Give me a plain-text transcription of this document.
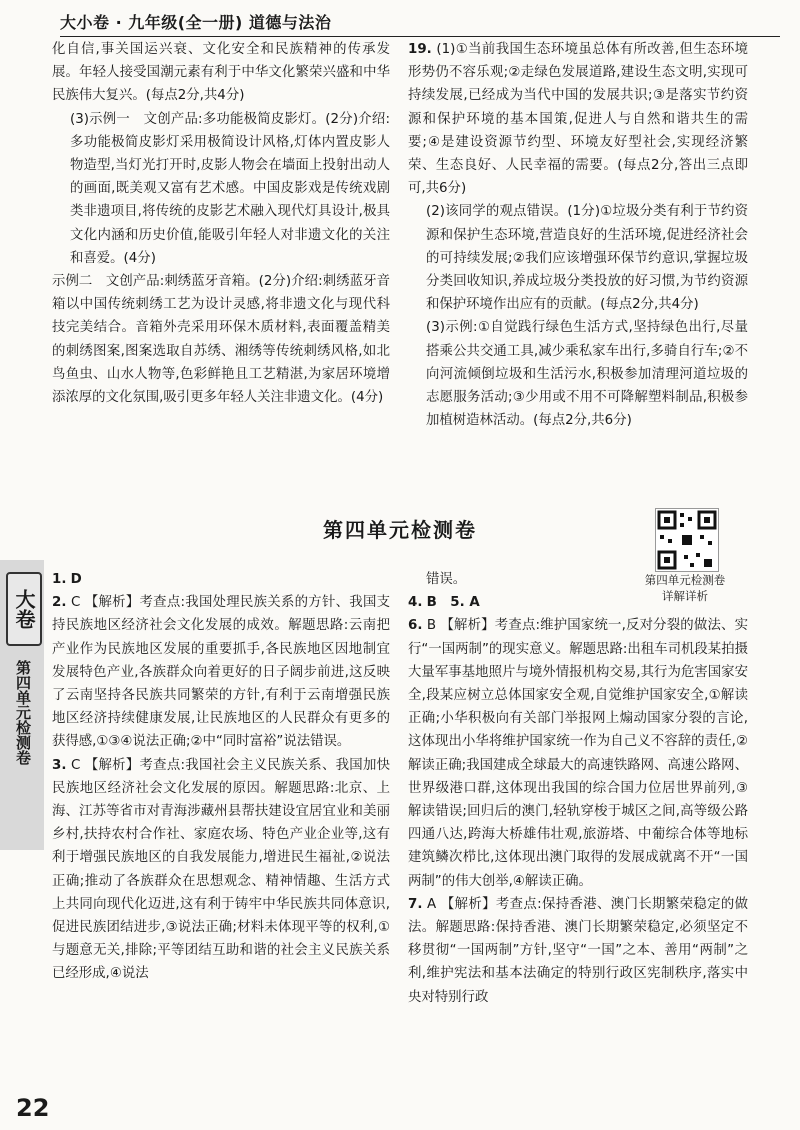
大小卷 · 九年级(全一册) 道德与法治

化自信,事关国运兴衰、文化安全和民族精神的传承发展。年轻人接受国潮元素有利于中华文化繁荣兴盛和中华民族伟大复兴。(每点2分,共4分)

(3)示例一　文创产品:多功能极简皮影灯。(2分)介绍:多功能极简皮影灯采用极简设计风格,灯体内置皮影人物造型,当灯光打开时,皮影人物会在墙面上投射出动人的画面,既美观又富有艺术感。中国皮影戏是传统戏剧类非遗项目,将传统的皮影艺术融入现代灯具设计,极具文化内涵和历史价值,能吸引年轻人对非遗文化的关注和喜爱。(4分)

示例二　文创产品:刺绣蓝牙音箱。(2分)介绍:刺绣蓝牙音箱以中国传统刺绣工艺为设计灵感,将非遗文化与现代科技完美结合。音箱外壳采用环保木质材料,表面覆盖精美的刺绣图案,图案选取自苏绣、湘绣等传统刺绣风格,如北鸟鱼虫、山水人物等,色彩鲜艳且工艺精湛,为家居环境增添浓厚的文化氛围,吸引更多年轻人关注非遗文化。(4分)

19. (1)①当前我国生态环境虽总体有所改善,但生态环境形势仍不容乐观;②走绿色发展道路,建设生态文明,实现可持续发展,已经成为当代中国的发展共识;③是落实节约资源和保护环境的基本国策,促进人与自然和谐共生的需要;④是建设资源节约型、环境友好型社会,实现经济繁荣、生态良好、人民幸福的需要。(每点2分,答出三点即可,共6分)

(2)该同学的观点错误。(1分)①垃圾分类有利于节约资源和保护生态环境,营造良好的生活环境,促进经济社会的可持续发展;②我们应该增强环保节约意识,掌握垃圾分类回收知识,养成垃圾分类投放的好习惯,为节约资源和保护环境作出应有的贡献。(每点2分,共4分)

(3)示例:①自觉践行绿色生活方式,坚持绿色出行,尽量搭乘公共交通工具,减少乘私家车出行,多骑自行车;②不向河流倾倒垃圾和生活污水,积极参加清理河道垃圾的志愿服务活动;③少用或不用不可降解塑料制品,积极参加植树造林活动。(每点2分,共6分)

第四单元检测卷
第四单元检测卷
详解详析
大卷
第四单元检测卷

1. D

2. C 【解析】考查点:我国处理民族关系的方针、我国支持民族地区经济社会文化发展的成效。解题思路:云南把产业作为民族地区发展的重要抓手,各民族地区因地制宜发展特色产业,各族群众向着更好的日子阔步前进,这反映了云南坚持各民族共同繁荣的方针,有利于云南增强民族地区经济持续健康发展,让民族地区的人民群众有更多的获得感,①③④说法正确;②中“同时富裕”说法错误。

3. C 【解析】考查点:我国社会主义民族关系、我国加快民族地区经济社会文化发展的原因。解题思路:北京、上海、江苏等省市对青海涉藏州县帮扶建设宜居宜业和美丽乡村,扶持农村合作社、家庭农场、特色产业企业等,这有利于增强民族地区的自我发展能力,增进民生福祉,②说法正确;推动了各族群众在思想观念、精神情趣、生活方式上共同向现代化迈进,这有利于铸牢中华民族共同体意识,促进民族团结进步,③说法正确;材料未体现平等的权利,①与题意无关,排除;平等团结互助和谐的社会主义民族关系已经形成,④说法

错误。

4. B　5. A

6. B 【解析】考查点:维护国家统一,反对分裂的做法、实行“一国两制”的现实意义。解题思路:出租车司机段某拍摄大量军事基地照片与境外情报机构交易,其行为危害国家安全,段某应树立总体国家安全观,自觉维护国家安全,①解读正确;小华积极向有关部门举报网上煽动国家分裂的言论,这体现出小华将维护国家统一作为自己义不容辞的责任,②解读正确;我国建成全球最大的高速铁路网、高速公路网、世界级港口群,这体现出我国的综合国力位居世界前列,③解读错误;回归后的澳门,轻轨穿梭于城区之间,高等级公路四通八达,跨海大桥雄伟壮观,旅游塔、中葡综合体等地标建筑鳞次栉比,这体现出澳门取得的发展成就离不开“一国两制”的伟大创举,④解读正确。

7. A 【解析】考查点:保持香港、澳门长期繁荣稳定的做法。解题思路:保持香港、澳门长期繁荣稳定,必须坚定不移贯彻“一国两制”方针,坚守“一国”之本、善用“两制”之利,维护宪法和基本法确定的特别行政区宪制秩序,落实中央对特别行政

22
